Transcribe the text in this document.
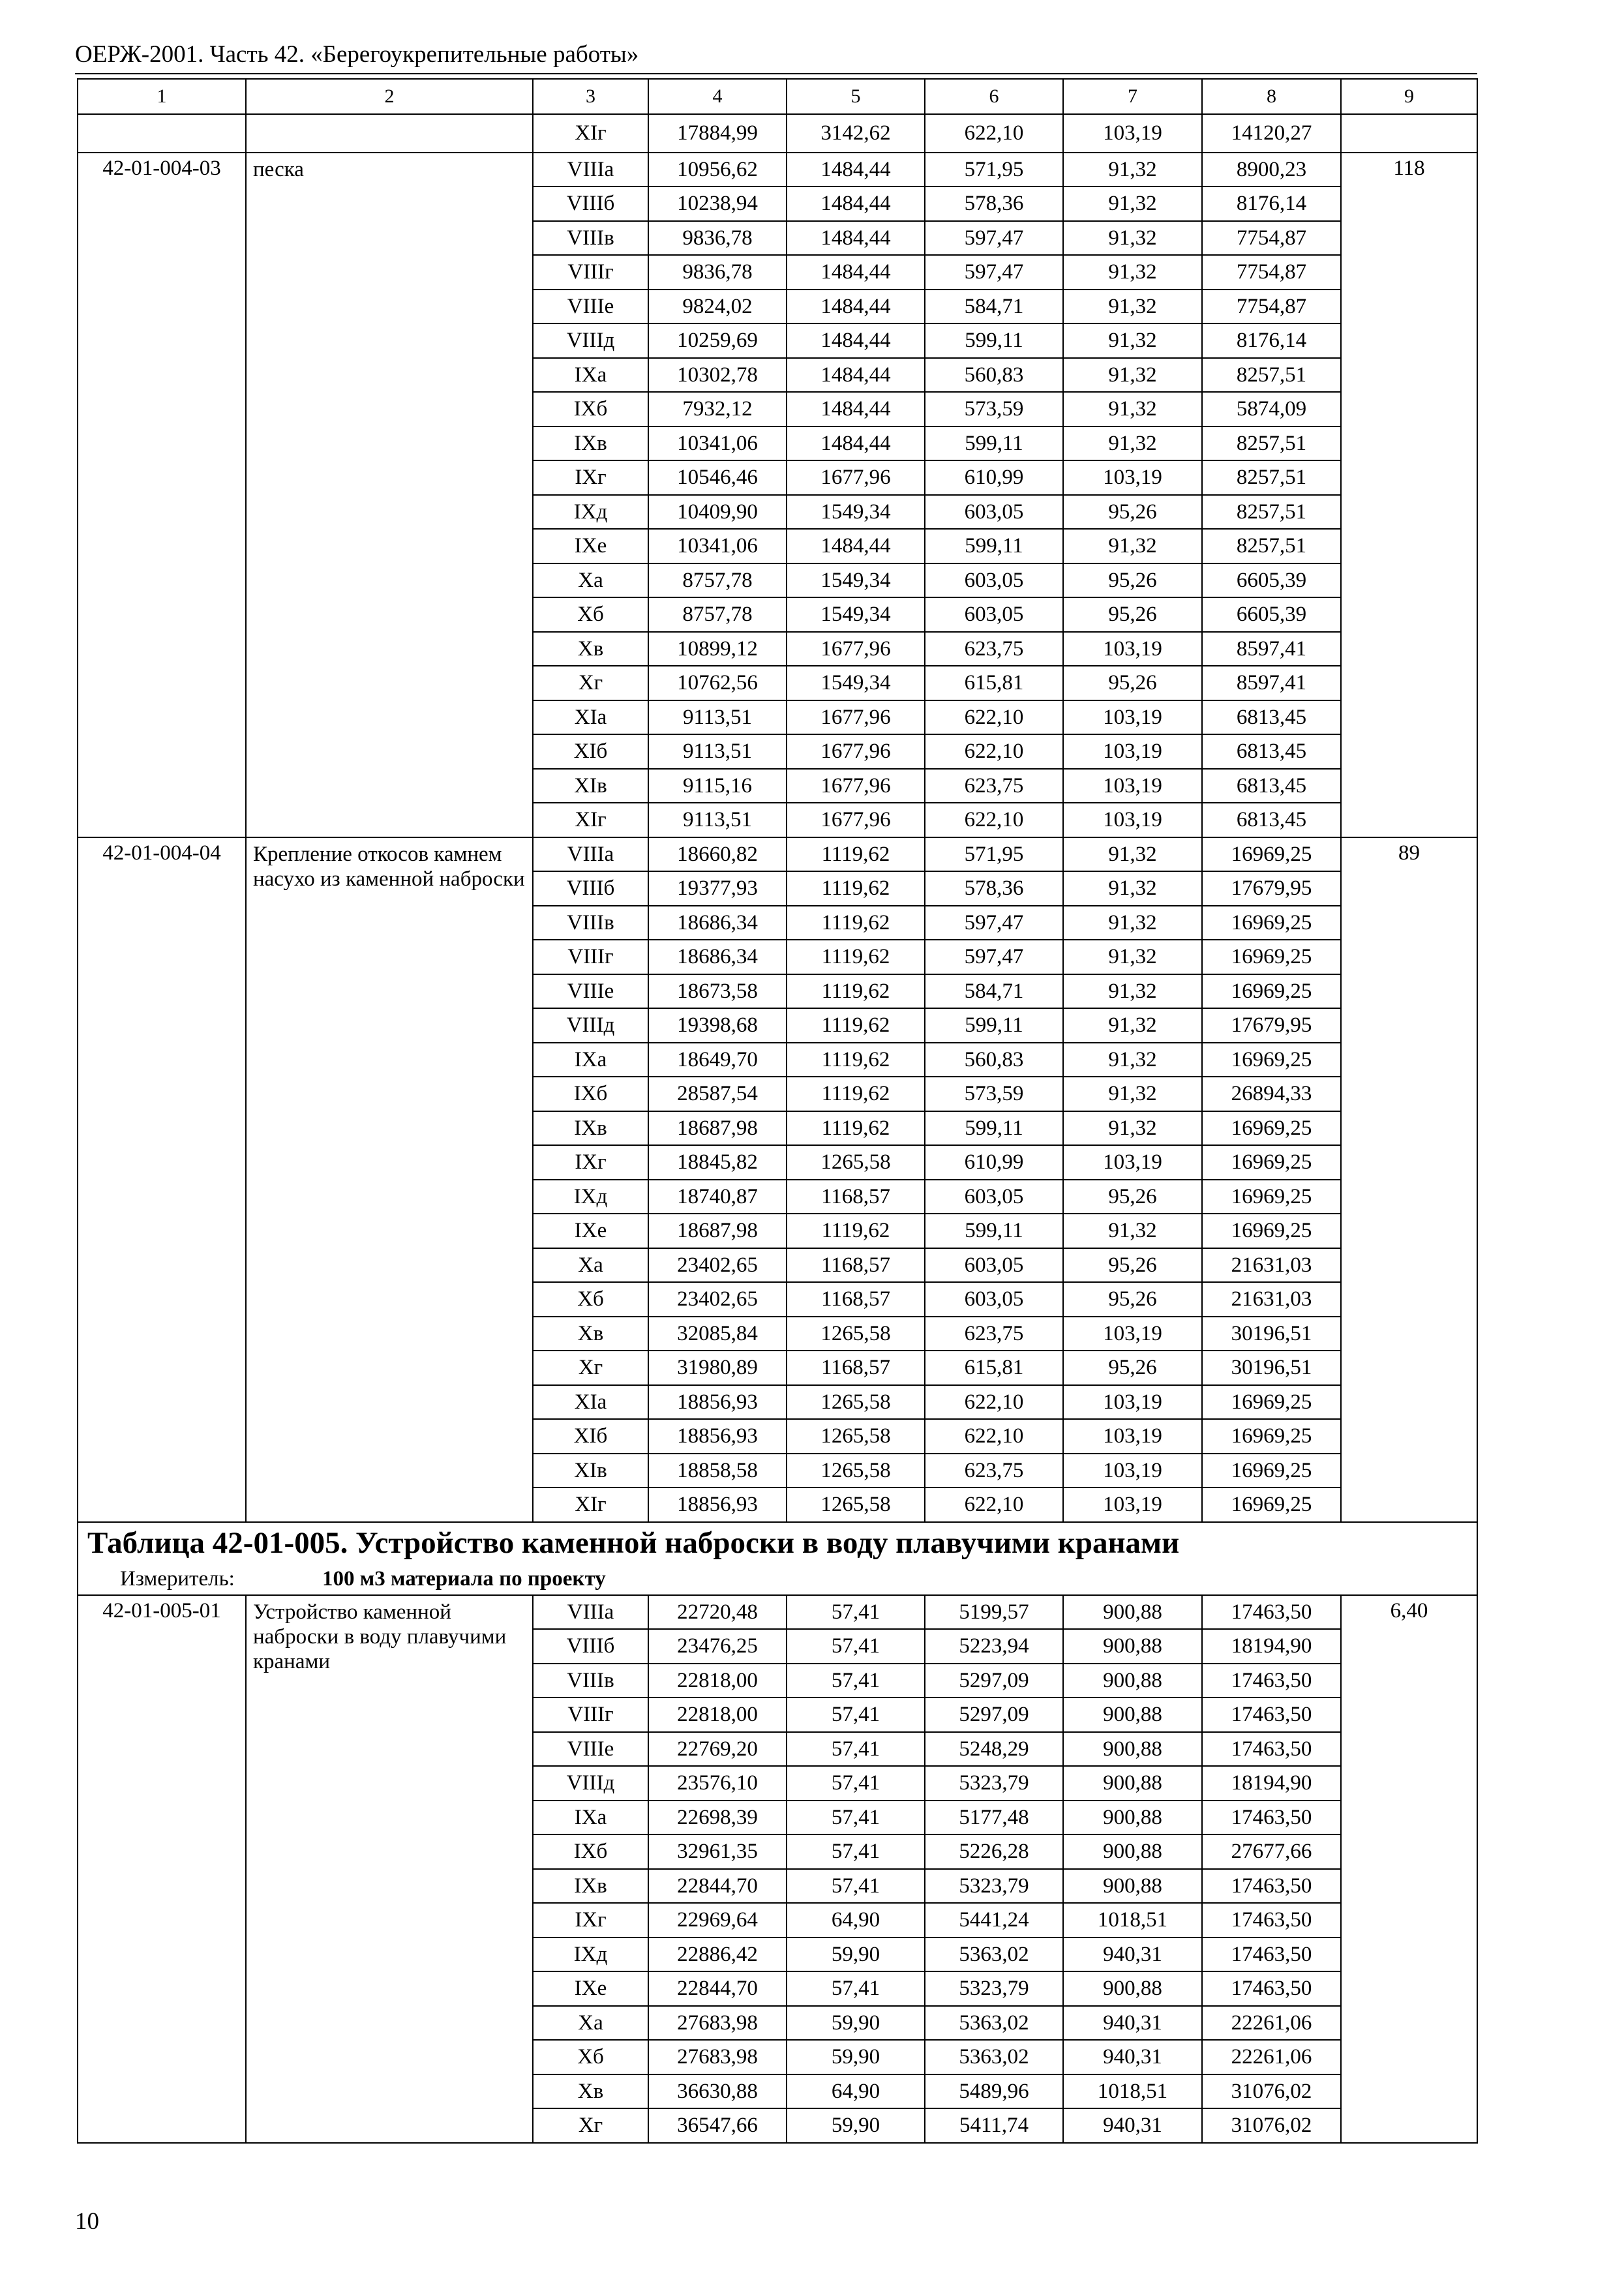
ОЕРЖ-2001. Часть 42. «Берегоукрепительные работы»
1	2	3	4	5	6	7	8	9
		XIг	17884,99	3142,62	622,10	103,19	14120,27	
42-01-004-03	песка	VIIIа	10956,62	1484,44	571,95	91,32	8900,23	118
		VIIIб	10238,94	1484,44	578,36	91,32	8176,14	
		VIIIв	9836,78	1484,44	597,47	91,32	7754,87	
		VIIIг	9836,78	1484,44	597,47	91,32	7754,87	
		VIIIе	9824,02	1484,44	584,71	91,32	7754,87	
		VIIIд	10259,69	1484,44	599,11	91,32	8176,14	
		IXа	10302,78	1484,44	560,83	91,32	8257,51	
		IXб	7932,12	1484,44	573,59	91,32	5874,09	
		IXв	10341,06	1484,44	599,11	91,32	8257,51	
		IXг	10546,46	1677,96	610,99	103,19	8257,51	
		IXд	10409,90	1549,34	603,05	95,26	8257,51	
		IXе	10341,06	1484,44	599,11	91,32	8257,51	
		Xа	8757,78	1549,34	603,05	95,26	6605,39	
		Xб	8757,78	1549,34	603,05	95,26	6605,39	
		Xв	10899,12	1677,96	623,75	103,19	8597,41	
		Xг	10762,56	1549,34	615,81	95,26	8597,41	
		XIа	9113,51	1677,96	622,10	103,19	6813,45	
		XIб	9113,51	1677,96	622,10	103,19	6813,45	
		XIв	9115,16	1677,96	623,75	103,19	6813,45	
		XIг	9113,51	1677,96	622,10	103,19	6813,45	
42-01-004-04	Крепление откосов камнем насухо из каменной наброски	VIIIа	18660,82	1119,62	571,95	91,32	16969,25	89
		VIIIб	19377,93	1119,62	578,36	91,32	17679,95	
		VIIIв	18686,34	1119,62	597,47	91,32	16969,25	
		VIIIг	18686,34	1119,62	597,47	91,32	16969,25	
		VIIIе	18673,58	1119,62	584,71	91,32	16969,25	
		VIIIд	19398,68	1119,62	599,11	91,32	17679,95	
		IXа	18649,70	1119,62	560,83	91,32	16969,25	
		IXб	28587,54	1119,62	573,59	91,32	26894,33	
		IXв	18687,98	1119,62	599,11	91,32	16969,25	
		IXг	18845,82	1265,58	610,99	103,19	16969,25	
		IXд	18740,87	1168,57	603,05	95,26	16969,25	
		IXе	18687,98	1119,62	599,11	91,32	16969,25	
		Xа	23402,65	1168,57	603,05	95,26	21631,03	
		Xб	23402,65	1168,57	603,05	95,26	21631,03	
		Xв	32085,84	1265,58	623,75	103,19	30196,51	
		Xг	31980,89	1168,57	615,81	95,26	30196,51	
		XIа	18856,93	1265,58	622,10	103,19	16969,25	
		XIб	18856,93	1265,58	622,10	103,19	16969,25	
		XIв	18858,58	1265,58	623,75	103,19	16969,25	
		XIг	18856,93	1265,58	622,10	103,19	16969,25	
Таблица 42-01-005. Устройство каменной наброски в воду плавучими кранами								
Измеритель: 100 м3 материала по проекту								
42-01-005-01	Устройство каменной наброски в воду плавучими кранами	VIIIа	22720,48	57,41	5199,57	900,88	17463,50	6,40
		VIIIб	23476,25	57,41	5223,94	900,88	18194,90	
		VIIIв	22818,00	57,41	5297,09	900,88	17463,50	
		VIIIг	22818,00	57,41	5297,09	900,88	17463,50	
		VIIIе	22769,20	57,41	5248,29	900,88	17463,50	
		VIIIд	23576,10	57,41	5323,79	900,88	18194,90	
		IXа	22698,39	57,41	5177,48	900,88	17463,50	
		IXб	32961,35	57,41	5226,28	900,88	27677,66	
		IXв	22844,70	57,41	5323,79	900,88	17463,50	
		IXг	22969,64	64,90	5441,24	1018,51	17463,50	
		IXд	22886,42	59,90	5363,02	940,31	17463,50	
		IXе	22844,70	57,41	5323,79	900,88	17463,50	
		Xа	27683,98	59,90	5363,02	940,31	22261,06	
		Xб	27683,98	59,90	5363,02	940,31	22261,06	
		Xв	36630,88	64,90	5489,96	1018,51	31076,02	
		Xг	36547,66	59,90	5411,74	940,31	31076,02	
10
